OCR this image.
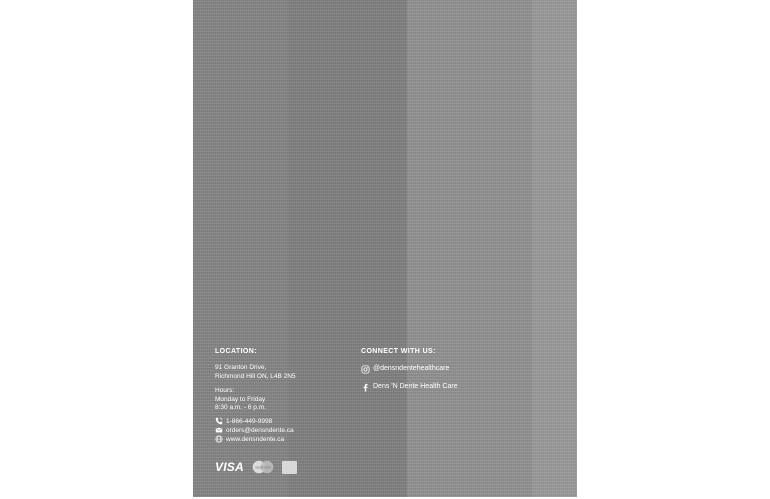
LOCATION:
91 Granton Drive,
Richmond Hill ON, L4B 2N5
Hours:
Monday to Friday
8:30 a.m. - 6 p.m.
1-866-449-9998
orders@densndente.ca
www.densndente.ca
CONNECT WITH US:
@densndentehealthcare
Dens 'N Dente Health Care
VISA	mastercard
